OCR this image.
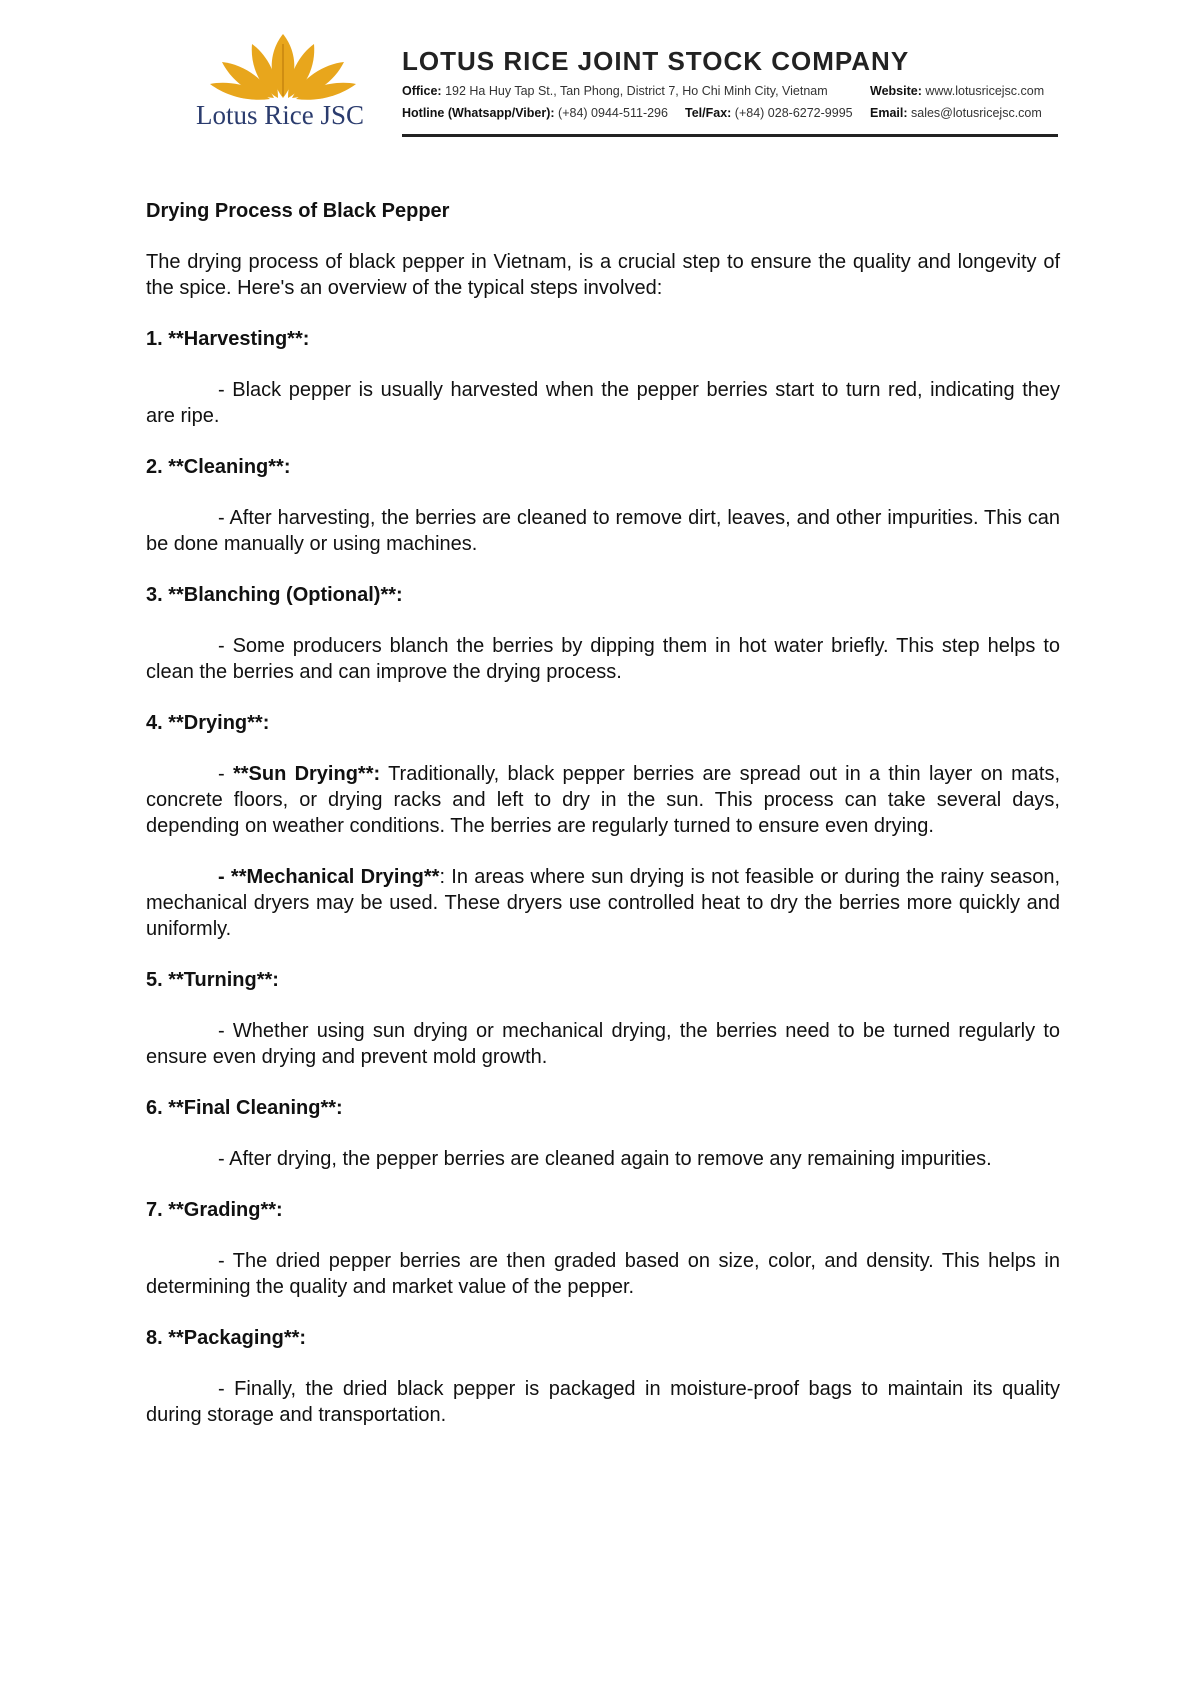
Lotus Rice JSC
LOTUS RICE JOINT STOCK COMPANY
Office: 192 Ha Huy Tap St., Tan Phong, District 7, Ho Chi Minh City, Vietnam	Website: www.lotusricejsc.com
Hotline (Whatsapp/Viber): (+84) 0944-511-296 Tel/Fax: (+84) 028-6272-9995 Email: sales@lotusricejsc.com
Drying Process of Black Pepper
The drying process of black pepper in Vietnam, is a crucial step to ensure the quality and longevity of the spice. Here's an overview of the typical steps involved:
1. **Harvesting**:
- Black pepper is usually harvested when the pepper berries start to turn red, indicating they are ripe.
2. **Cleaning**:
- After harvesting, the berries are cleaned to remove dirt, leaves, and other impurities. This can be done manually or using machines.
3. **Blanching (Optional)**:
- Some producers blanch the berries by dipping them in hot water briefly. This step helps to clean the berries and can improve the drying process.
4. **Drying**:
- **Sun Drying**: Traditionally, black pepper berries are spread out in a thin layer on mats, concrete floors, or drying racks and left to dry in the sun. This process can take several days, depending on weather conditions. The berries are regularly turned to ensure even drying.
- **Mechanical Drying**: In areas where sun drying is not feasible or during the rainy season, mechanical dryers may be used. These dryers use controlled heat to dry the berries more quickly and uniformly.
5. **Turning**:
- Whether using sun drying or mechanical drying, the berries need to be turned regularly to ensure even drying and prevent mold growth.
6. **Final Cleaning**:
- After drying, the pepper berries are cleaned again to remove any remaining impurities.
7. **Grading**:
- The dried pepper berries are then graded based on size, color, and density. This helps in determining the quality and market value of the pepper.
8. **Packaging**:
- Finally, the dried black pepper is packaged in moisture-proof bags to maintain its quality during storage and transportation.
